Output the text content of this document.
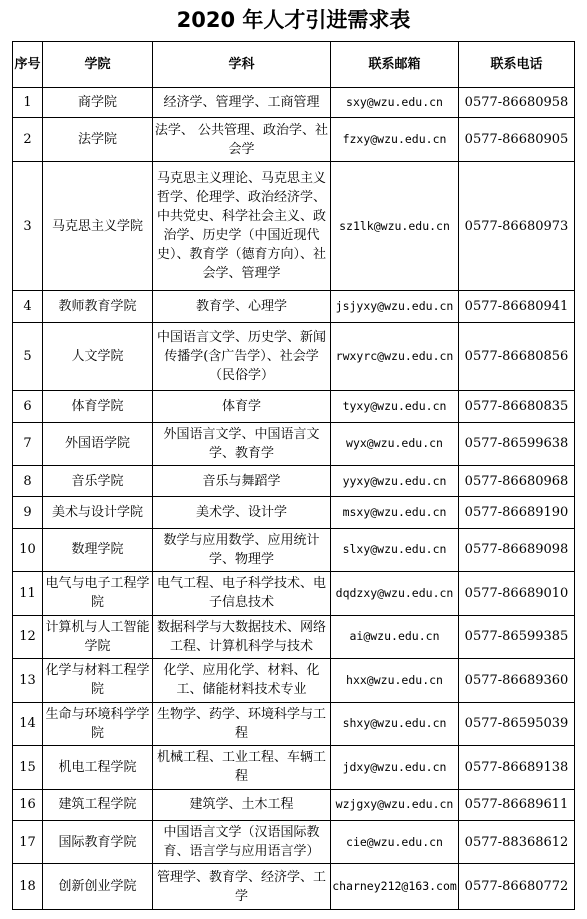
2020 年人才引进需求表
序号	学院	学科	联系邮箱	联系电话
1	商学院	经济学、管理学、工商管理	sxy@wzu.edu.cn	0577-86680958
2	法学院	法学、 公共管理、政治学、社会学	fzxy@wzu.edu.cn	0577-86680905
3	马克思主义学院	马克思主义理论、马克思主义哲学、伦理学、政治经济学、中共党史、科学社会主义、政治学、历史学（中国近现代史）、教育学（德育方向）、社会学、管理学	sz1lk@wzu.edu.cn	0577-86680973
4	教师教育学院	教育学、心理学	jsjyxy@wzu.edu.cn	0577-86680941
5	人文学院	中国语言文学、历史学、新闻传播学(含广告学）、社会学（民俗学）	rwxyrc@wzu.edu.cn	0577-86680856
6	体育学院	体育学	tyxy@wzu.edu.cn	0577-86680835
7	外国语学院	外国语言文学、中国语言文学、教育学	wyx@wzu.edu.cn	0577-86599638
8	音乐学院	音乐与舞蹈学	yyxy@wzu.edu.cn	0577-86680968
9	美术与设计学院	美术学、设计学	msxy@wzu.edu.cn	0577-86689190
10	数理学院	数学与应用数学、应用统计学、物理学	slxy@wzu.edu.cn	0577-86689098
11	电气与电子工程学院	电气工程、电子科学技术、电子信息技术	dqdzxy@wzu.edu.cn	0577-86689010
12	计算机与人工智能学院	数据科学与大数据技术、网络工程、计算机科学与技术	ai@wzu.edu.cn	0577-86599385
13	化学与材料工程学院	化学、应用化学、材料、化工、储能材料技术专业	hxx@wzu.edu.cn	0577-86689360
14	生命与环境科学学院	生物学、药学、环境科学与工程	shxy@wzu.edu.cn	0577-86595039
15	机电工程学院	机械工程、工业工程、车辆工程	jdxy@wzu.edu.cn	0577-86689138
16	建筑工程学院	建筑学、土木工程	wzjgxy@wzu.edu.cn	0577-86689611
17	国际教育学院	中国语言文学（汉语国际教育、语言学与应用语言学）	cie@wzu.edu.cn	0577-88368612
18	创新创业学院	管理学、教育学、经济学、工学	charney212@163.com	0577-86680772
